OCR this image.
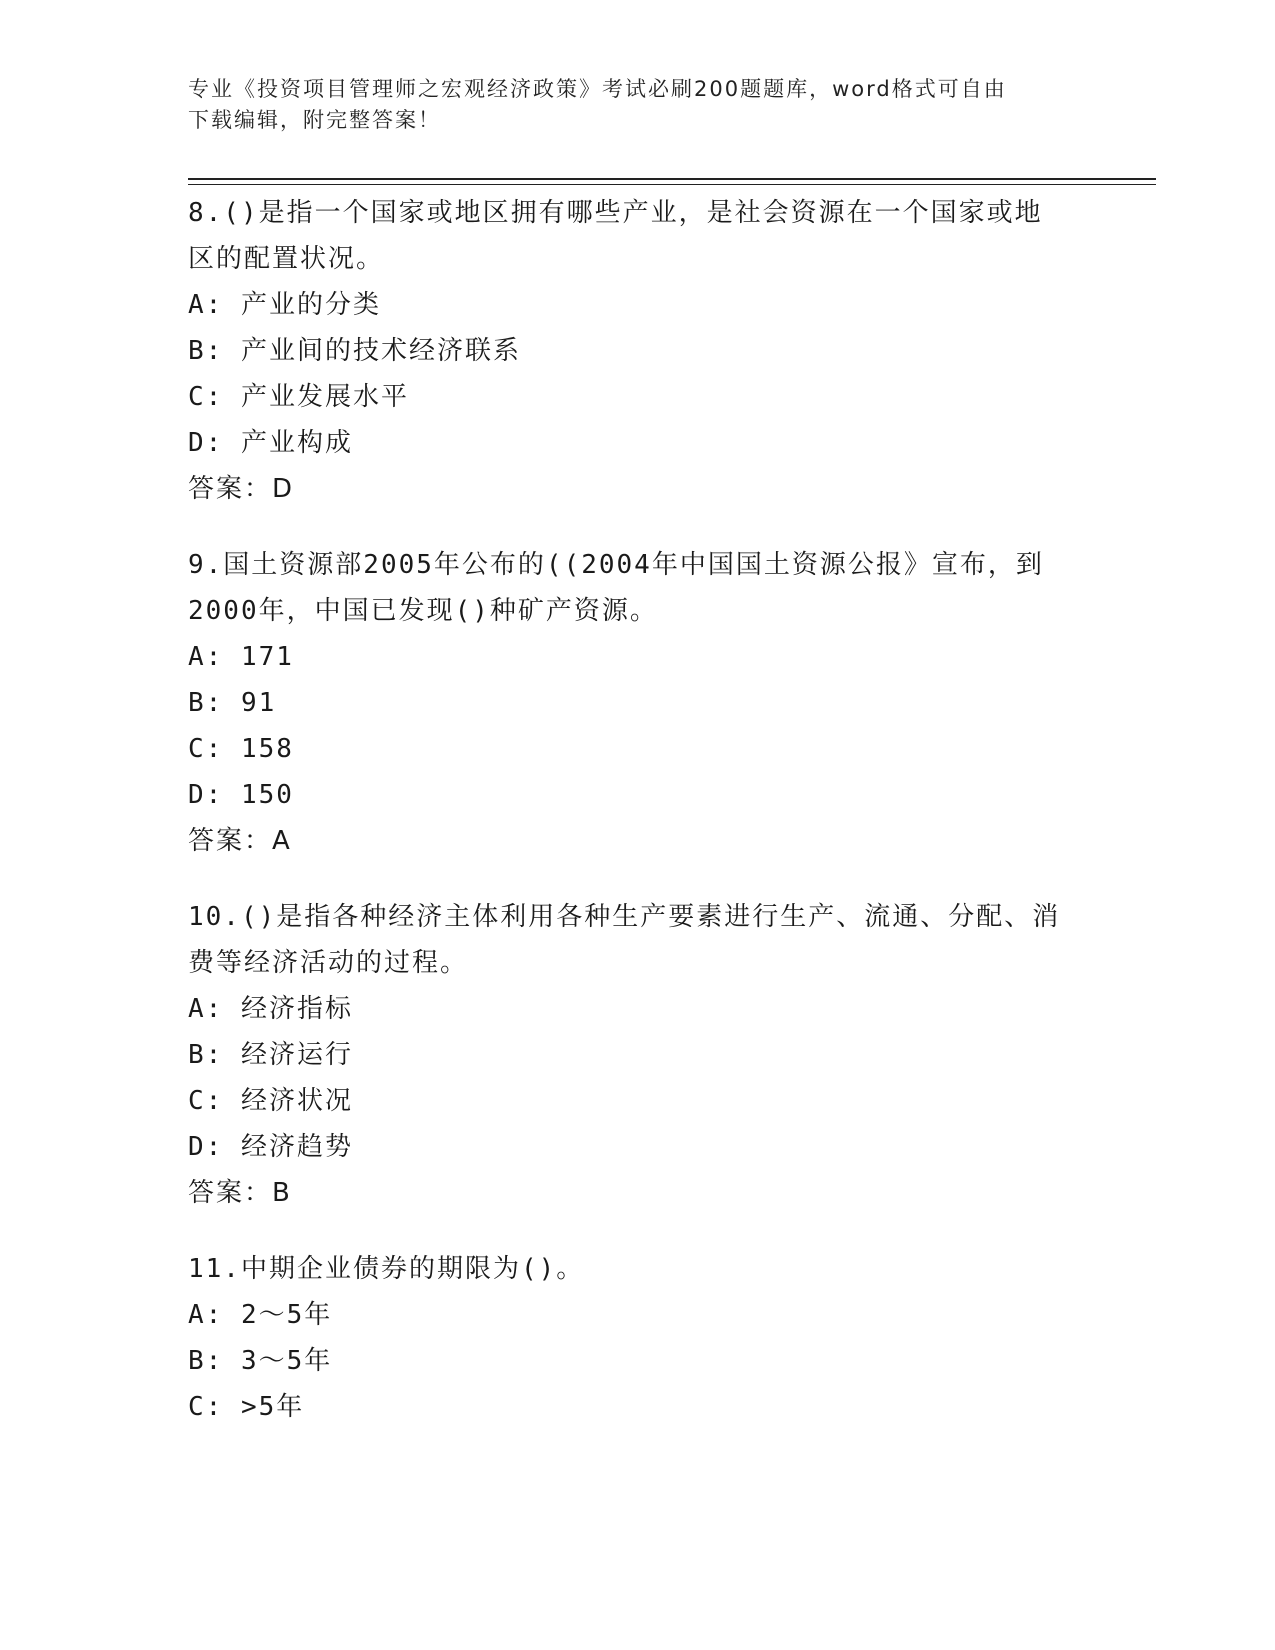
专业《投资项目管理师之宏观经济政策》考试必刷200题题库，word格式可自由
下载编辑，附完整答案！
8.()是指一个国家或地区拥有哪些产业，是社会资源在一个国家或地
区的配置状况。
A: 产业的分类
B: 产业间的技术经济联系
C: 产业发展水平
D: 产业构成
答案：D
9.国土资源部2005年公布的((2004年中国国土资源公报》宣布，到
2000年，中国已发现()种矿产资源。
A: 171
B: 91
C: 158
D: 150
答案：A
10.()是指各种经济主体利用各种生产要素进行生产、流通、分配、消
费等经济活动的过程。
A: 经济指标
B: 经济运行
C: 经济状况
D: 经济趋势
答案：B
11.中期企业债券的期限为()。
A: 2～5年
B: 3～5年
C: >5年
